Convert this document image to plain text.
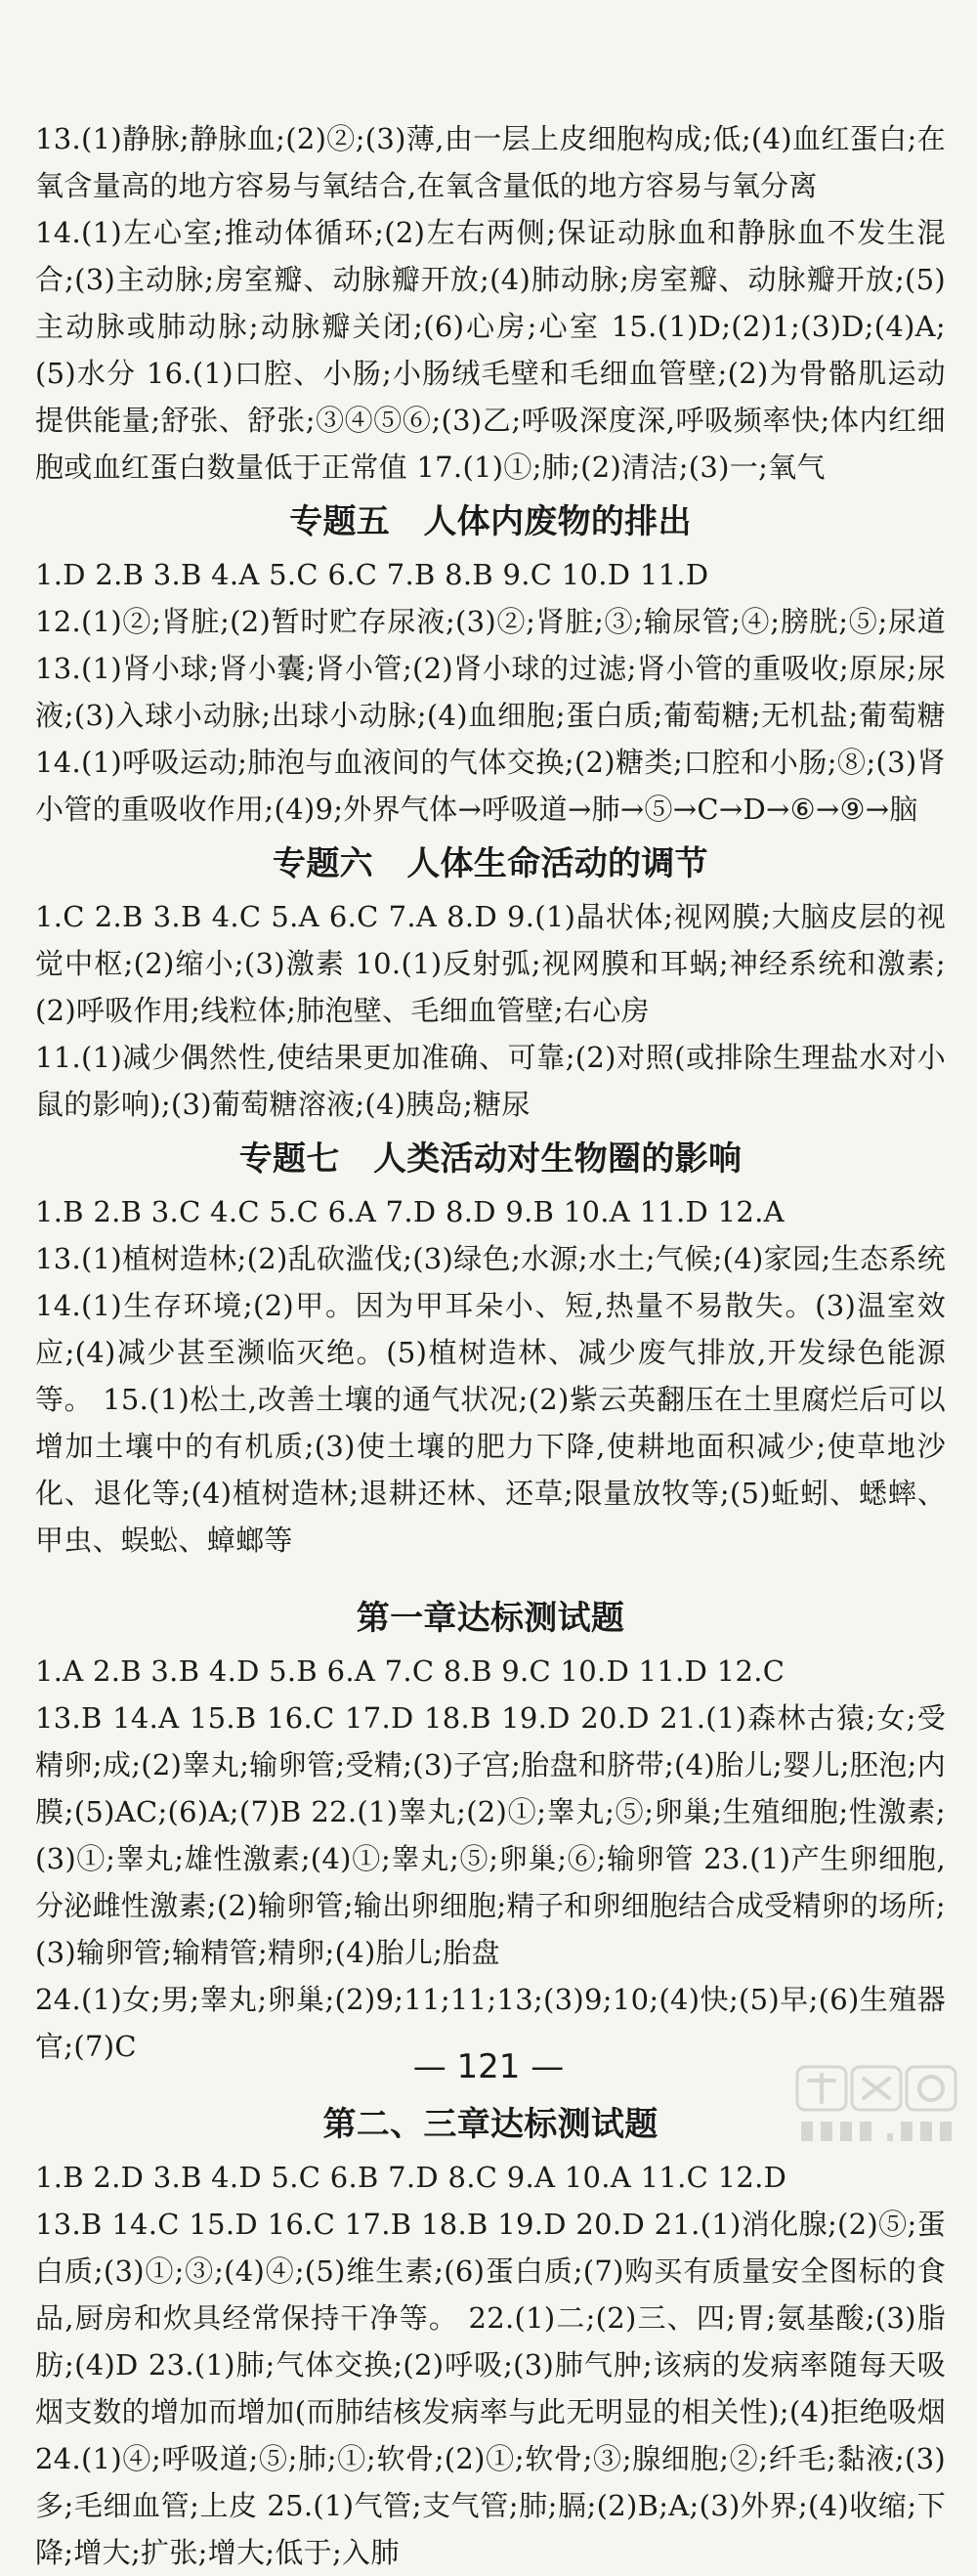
13.(1)静脉;静脉血;(2)②;(3)薄,由一层上皮细胞构成;低;(4)血红蛋白;在氧含量高的地方容易与氧结合,在氧含量低的地方容易与氧分离

14.(1)左心室;推动体循环;(2)左右两侧;保证动脉血和静脉血不发生混合;(3)主动脉;房室瓣、动脉瓣开放;(4)肺动脉;房室瓣、动脉瓣开放;(5)主动脉或肺动脉;动脉瓣关闭;(6)心房;心室 15.(1)D;(2)1;(3)D;(4)A;(5)水分 16.(1)口腔、小肠;小肠绒毛壁和毛细血管壁;(2)为骨骼肌运动提供能量;舒张、舒张;③④⑤⑥;(3)乙;呼吸深度深,呼吸频率快;体内红细胞或血红蛋白数量低于正常值 17.(1)①;肺;(2)清洁;(3)一;氧气

专题五　人体内废物的排出

1.D 2.B 3.B 4.A 5.C 6.C 7.B 8.B 9.C 10.D 11.D

12.(1)②;肾脏;(2)暂时贮存尿液;(3)②;肾脏;③;输尿管;④;膀胱;⑤;尿道 13.(1)肾小球;肾小囊;肾小管;(2)肾小球的过滤;肾小管的重吸收;原尿;尿液;(3)入球小动脉;出球小动脉;(4)血细胞;蛋白质;葡萄糖;无机盐;葡萄糖 14.(1)呼吸运动;肺泡与血液间的气体交换;(2)糖类;口腔和小肠;⑧;(3)肾小管的重吸收作用;(4)9;外界气体→呼吸道→肺→⑤→C→D→⑥→⑨→脑

专题六　人体生命活动的调节

1.C 2.B 3.B 4.C 5.A 6.C 7.A 8.D 9.(1)晶状体;视网膜;大脑皮层的视觉中枢;(2)缩小;(3)激素 10.(1)反射弧;视网膜和耳蜗;神经系统和激素;(2)呼吸作用;线粒体;肺泡壁、毛细血管壁;右心房

11.(1)减少偶然性,使结果更加准确、可靠;(2)对照(或排除生理盐水对小鼠的影响);(3)葡萄糖溶液;(4)胰岛;糖尿

专题七　人类活动对生物圈的影响

1.B 2.B 3.C 4.C 5.C 6.A 7.D 8.D 9.B 10.A 11.D 12.A

13.(1)植树造林;(2)乱砍滥伐;(3)绿色;水源;水土;气候;(4)家园;生态系统 14.(1)生存环境;(2)甲。因为甲耳朵小、短,热量不易散失。(3)温室效应;(4)减少甚至濒临灭绝。(5)植树造林、减少废气排放,开发绿色能源等。 15.(1)松土,改善土壤的通气状况;(2)紫云英翻压在土里腐烂后可以增加土壤中的有机质;(3)使土壤的肥力下降,使耕地面积减少;使草地沙化、退化等;(4)植树造林;退耕还林、还草;限量放牧等;(5)蚯蚓、蟋蟀、甲虫、蜈蚣、蟑螂等

第一章达标测试题

1.A 2.B 3.B 4.D 5.B 6.A 7.C 8.B 9.C 10.D 11.D 12.C

13.B 14.A 15.B 16.C 17.D 18.B 19.D 20.D 21.(1)森林古猿;女;受精卵;成;(2)睾丸;输卵管;受精;(3)子宫;胎盘和脐带;(4)胎儿;婴儿;胚泡;内膜;(5)AC;(6)A;(7)B 22.(1)睾丸;(2)①;睾丸;⑤;卵巢;生殖细胞;性激素;(3)①;睾丸;雄性激素;(4)①;睾丸;⑤;卵巢;⑥;输卵管 23.(1)产生卵细胞,分泌雌性激素;(2)输卵管;输出卵细胞;精子和卵细胞结合成受精卵的场所;(3)输卵管;输精管;精卵;(4)胎儿;胎盘

24.(1)女;男;睾丸;卵巢;(2)9;11;11;13;(3)9;10;(4)快;(5)早;(6)生殖器官;(7)C

第二、三章达标测试题

1.B 2.D 3.B 4.D 5.C 6.B 7.D 8.C 9.A 10.A 11.C 12.D

13.B 14.C 15.D 16.C 17.B 18.B 19.D 20.D 21.(1)消化腺;(2)⑤;蛋白质;(3)①;③;(4)④;(5)维生素;(6)蛋白质;(7)购买有质量安全图标的食品,厨房和炊具经常保持干净等。 22.(1)二;(2)三、四;胃;氨基酸;(3)脂肪;(4)D 23.(1)肺;气体交换;(2)呼吸;(3)肺气肿;该病的发病率随每天吸烟支数的增加而增加(而肺结核发病率与此无明显的相关性);(4)拒绝吸烟 24.(1)④;呼吸道;⑤;肺;①;软骨;(2)①;软骨;③;腺细胞;②;纤毛;黏液;(3)多;毛细血管;上皮 25.(1)气管;支气管;肺;膈;(2)B;A;(3)外界;(4)收缩;下降;增大;扩张;增大;低于;入肺

— 121 —
